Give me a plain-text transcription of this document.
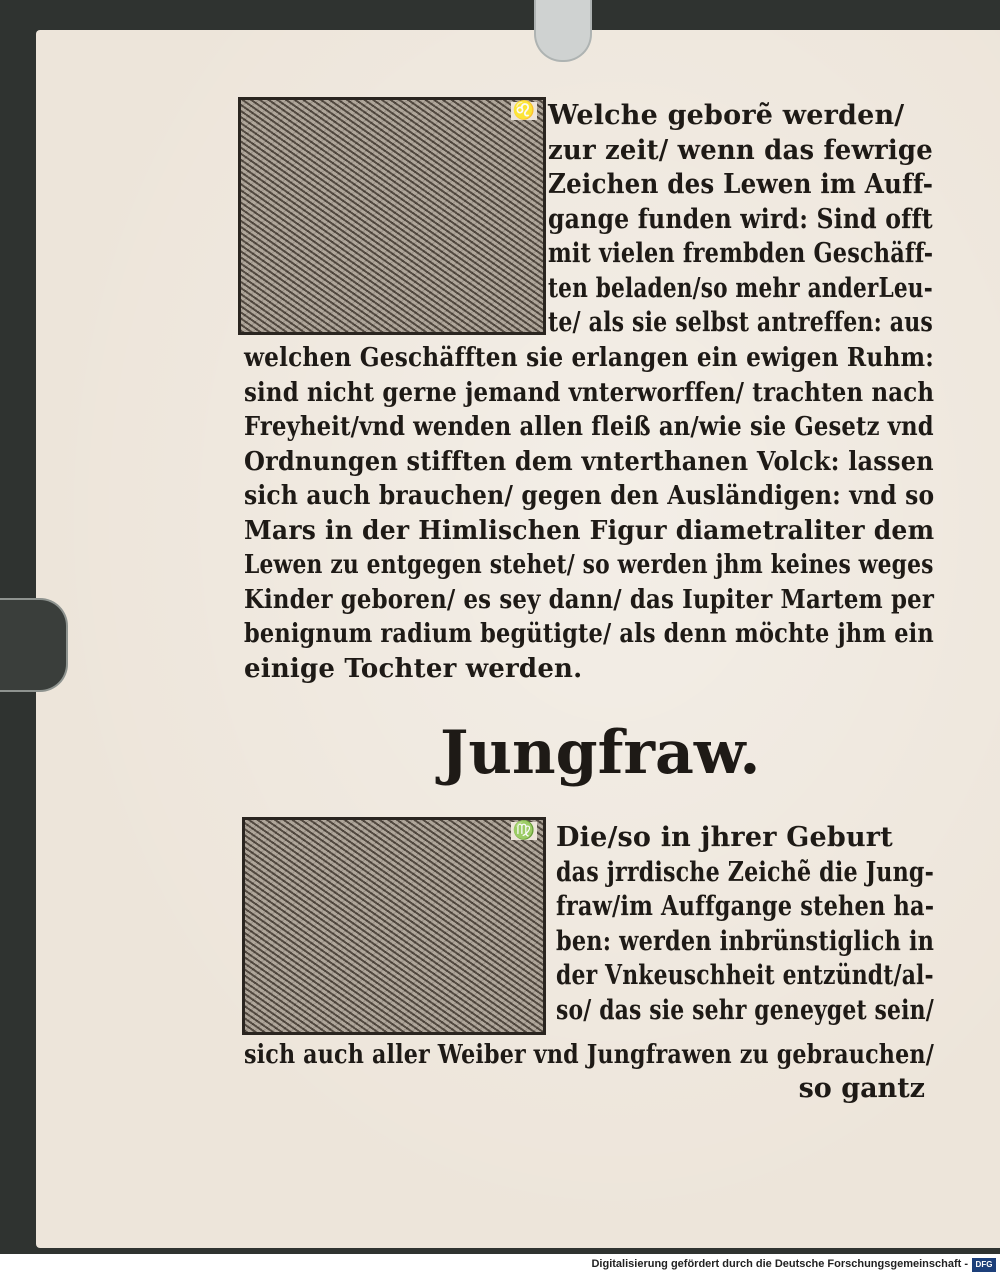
♌ Welche geborẽ werden/
zur zeit/ wenn das fewrige
Zeichen des Lewen im Auff-
gange funden wird: Sind offt
mit vielen frembden Geschäff-
ten beladen/so mehr anderLeu-
te/ als sie selbst antreffen: aus
welchen Geschäfften sie erlangen ein ewigen Ruhm:
sind nicht gerne jemand vnterworffen/ trachten nach
Freyheit/vnd wenden allen fleiß an/wie sie Gesetz vnd
Ordnungen stifften dem vnterthanen Volck: lassen
sich auch brauchen/ gegen den Ausländigen: vnd so
Mars in der Himlischen Figur diametraliter dem
Lewen zu entgegen stehet/ so werden jhm keines weges
Kinder geboren/ es sey dann/ das Iupiter Martem per
benignum radium begütigte/ als denn möchte jhm ein
einige Tochter werden.
Jungfraw.
♍ Die/so in jhrer Geburt
das jrrdische Zeichẽ die Jung-
fraw/im Auffgange stehen ha-
ben: werden inbrünstiglich in
der Vnkeuschheit entzündt/al-
so/ das sie sehr geneyget sein/
sich auch aller Weiber vnd Jungfrawen zu gebrauchen/
so gantz
Digitalisierung gefördert durch die Deutsche Forschungsgemeinschaft - DFG
